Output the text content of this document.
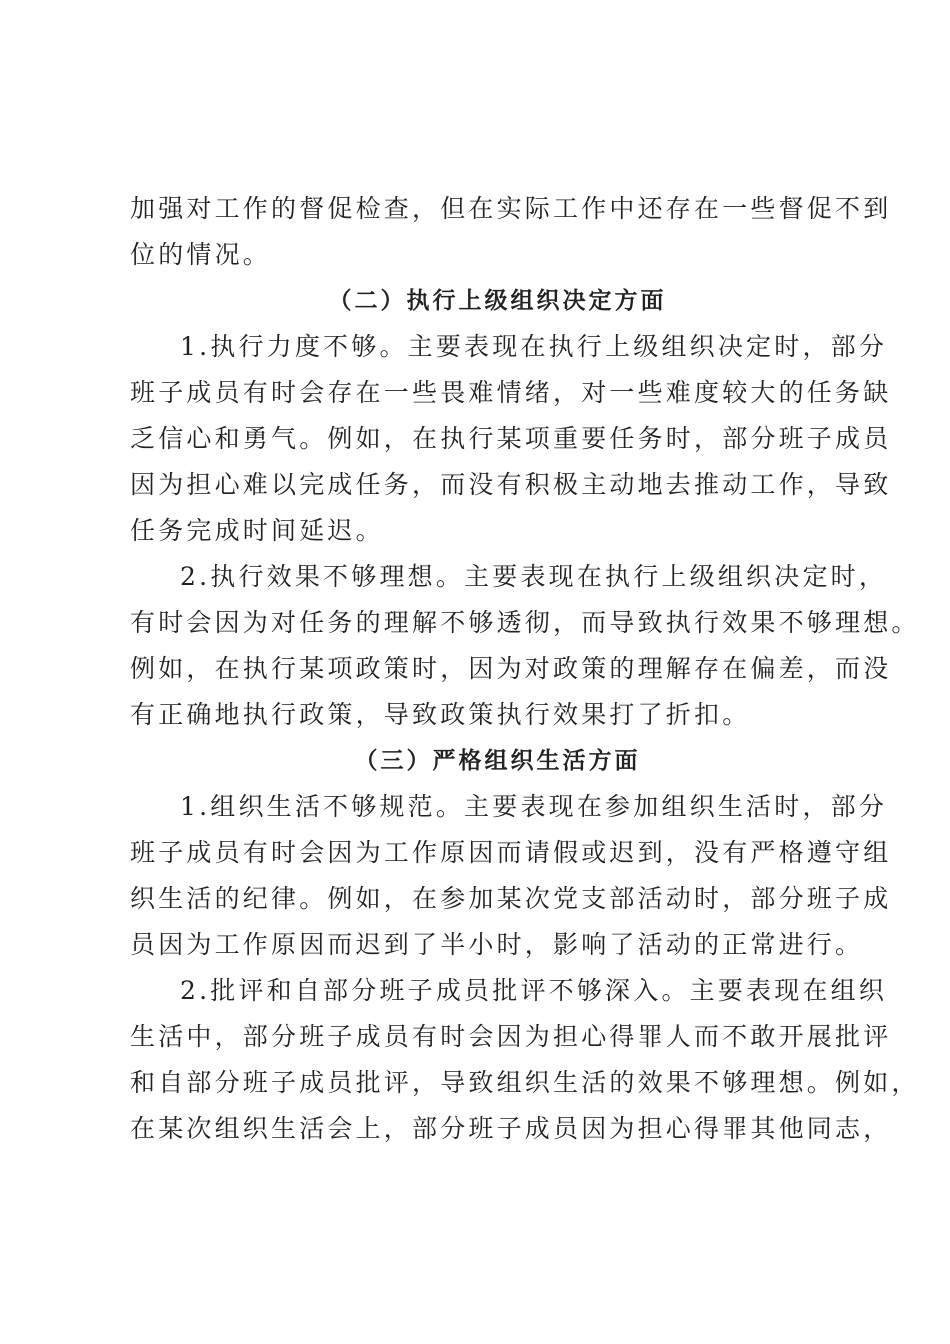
加强对工作的督促检查，但在实际工作中还存在一些督促不到
位的情况。
（二）执行上级组织决定方面
1.执行力度不够。主要表现在执行上级组织决定时，部分
班子成员有时会存在一些畏难情绪，对一些难度较大的任务缺
乏信心和勇气。例如，在执行某项重要任务时，部分班子成员
因为担心难以完成任务，而没有积极主动地去推动工作，导致
任务完成时间延迟。
2.执行效果不够理想。主要表现在执行上级组织决定时，
有时会因为对任务的理解不够透彻，而导致执行效果不够理想。
例如，在执行某项政策时，因为对政策的理解存在偏差，而没
有正确地执行政策，导致政策执行效果打了折扣。
（三）严格组织生活方面
1.组织生活不够规范。主要表现在参加组织生活时，部分
班子成员有时会因为工作原因而请假或迟到，没有严格遵守组
织生活的纪律。例如，在参加某次党支部活动时，部分班子成
员因为工作原因而迟到了半小时，影响了活动的正常进行。
2.批评和自部分班子成员批评不够深入。主要表现在组织
生活中，部分班子成员有时会因为担心得罪人而不敢开展批评
和自部分班子成员批评，导致组织生活的效果不够理想。例如，
在某次组织生活会上，部分班子成员因为担心得罪其他同志，
